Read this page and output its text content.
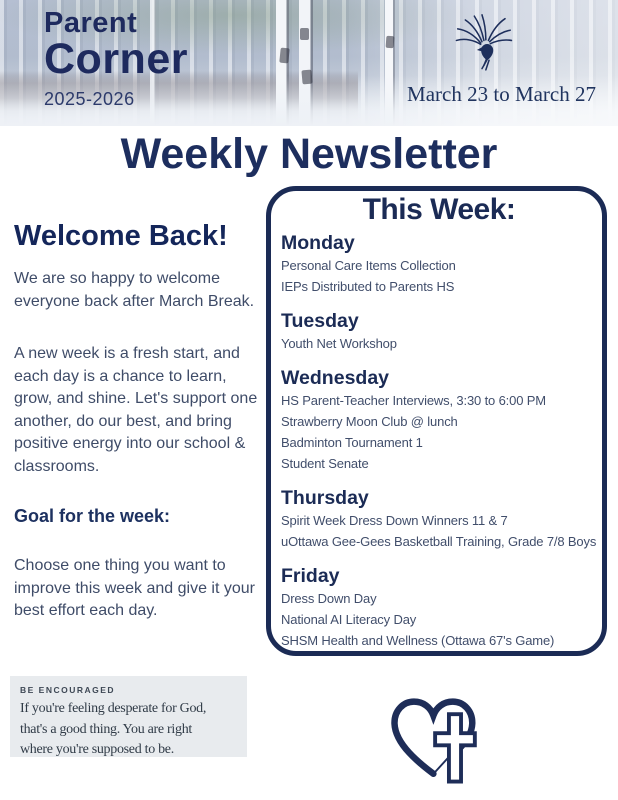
Parent
Corner
2025-2026	March 23 to March 27
Weekly Newsletter
Welcome Back!

We are so happy to welcome everyone back after March Break.

A new week is a fresh start, and each day is a chance to learn, grow, and shine. Let's support one another, do our best, and bring positive energy into our school & classrooms.

Goal for the week:

Choose one thing you want to improve this week and give it your best effort each day.

This Week:
Monday
Personal Care Items Collection
IEPs Distributed to Parents HS
Tuesday
Youth Net Workshop
Wednesday
HS Parent-Teacher Interviews, 3:30 to 6:00 PM
Strawberry Moon Club @ lunch
Badminton Tournament 1
Student Senate
Thursday
Spirit Week Dress Down Winners 11 & 7
uOttawa Gee-Gees Basketball Training, Grade 7/8 Boys
Friday
Dress Down Day
National AI Literacy Day
SHSM Health and Wellness (Ottawa 67's Game)
BE ENCOURAGED
If you're feeling desperate for God,
that's a good thing. You are right
where you're supposed to be.
